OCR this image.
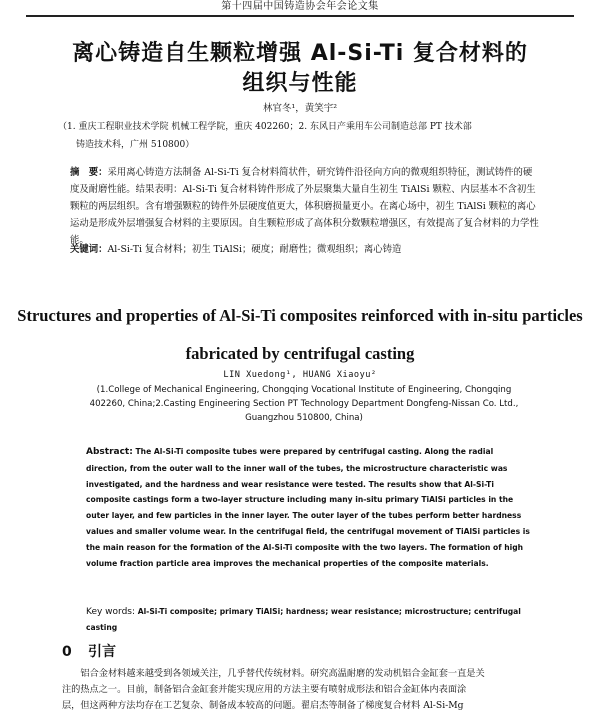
第十四届中国铸造协会年会论文集
离心铸造自生颗粒增强 Al-Si-Ti 复合材料的
组织与性能
林官冬¹，黄笑宇²
（1. 重庆工程职业技术学院 机械工程学院，重庆 402260；2. 东风日产乘用车公司制造总部 PT 技术部
铸造技术科，广州 510800）
摘　要：采用离心铸造方法制备 Al-Si-Ti 复合材料简状件，研究铸件沿径向方向的微观组织特征，测试铸件的硬度及耐磨性能。结果表明：Al-Si-Ti 复合材料铸件形成了外层聚集大量自生初生 TiAlSi 颗粒、内层基本不含初生颗粒的两层组织。含有增强颗粒的铸件外层硬度值更大，体积磨损量更小。在离心场中，初生 TiAlSi 颗粒的离心运动是形成外层增强复合材料的主要原因。自生颗粒形成了高体积分数颗粒增强区，有效提高了复合材料的力学性能。
关键词：Al-Si-Ti 复合材料；初生 TiAlSi；硬度；耐磨性；微观组织；离心铸造
Structures and properties of Al-Si-Ti composites reinforced with in-situ particles
fabricated by centrifugal casting
LIN Xuedong¹, HUANG Xiaoyu²
(1.College of Mechanical Engineering, Chongqing Vocational Institute of Engineering, Chongqing
402260, China;2.Casting Engineering Section PT Technology Department Dongfeng-Nissan Co. Ltd.,
Guangzhou 510800, China)
Abstract: The Al-Si-Ti composite tubes were prepared by centrifugal casting. Along the radial direction, from the outer wall to the inner wall of the tubes, the microstructure characteristic was investigated, and the hardness and wear resistance were tested. The results show that Al-Si-Ti composite castings form a two-layer structure including many in-situ primary TiAlSi particles in the outer layer, and few particles in the inner layer. The outer layer of the tubes perform better hardness values and smaller volume wear. In the centrifugal field, the centrifugal movement of TiAlSi particles is the main reason for the formation of the Al-Si-Ti composite with the two layers. The formation of high volume fraction particle area improves the mechanical properties of the composite materials.
Key words: Al-Si-Ti composite; primary TiAlSi; hardness; wear resistance; microstructure; centrifugal casting
0 引言

铝合金材料越来越受到各领域关注，几乎替代传统材料。研究高温耐磨的发动机铝合金缸套一直是关

注的热点之一。目前，制备铝合金缸套并能实现应用的方法主要有喷射成形法和铝合金缸体内表面涂
层，但这两种方法均存在工艺复杂、制备成本较高的问题。翟启杰等制备了梯度复合材料 Al-Si-Mg
